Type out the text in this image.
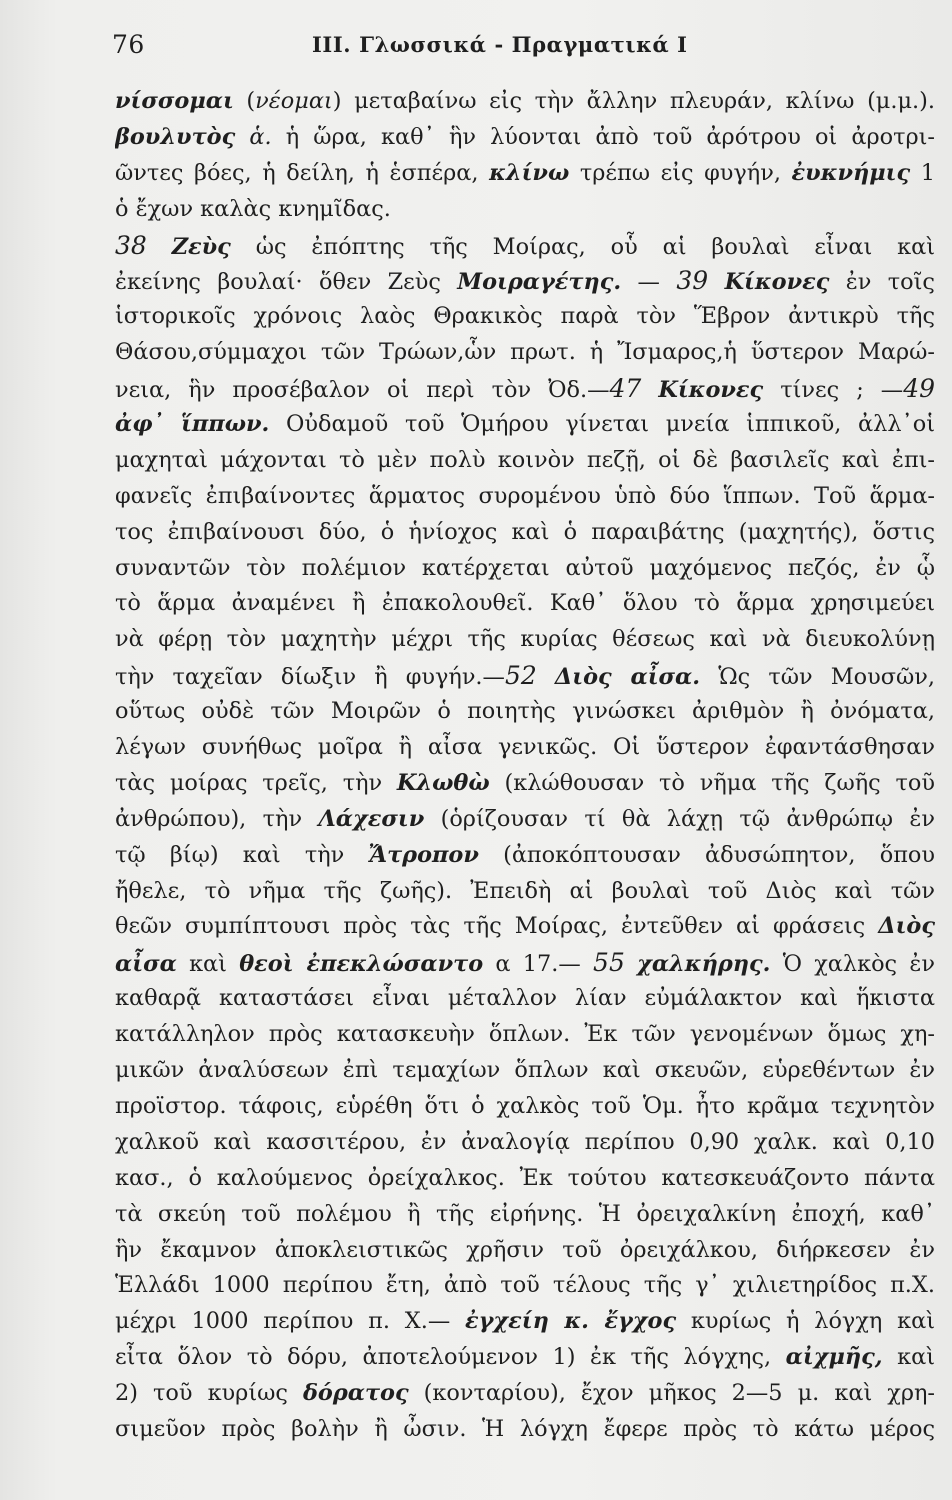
76	III. Γλωσσικά - Πραγματικά I
νίσσομαι (νέομαι) μεταβαίνω εἰς τὴν ἄλλην πλευράν, κλίνω (μ.μ.).
βουλυτὸς ἁ. ἡ ὥρα, καθ᾽ ἣν λύονται ἀπὸ τοῦ ἀρότρου οἱ ἀροτρι-
ῶντες βόες, ἡ δείλη, ἡ ἑσπέρα, κλίνω τρέπω εἰς φυγήν, ἐυκνήμις 1
ὁ ἔχων καλὰς κνημῖδας.
38 Ζεὺς ὡς ἐπόπτης τῆς Μοίρας, οὗ αἱ βουλαὶ εἶναι καὶ
ἐκείνης βουλαί· ὅθεν Ζεὺς Μοιραγέτης. — 39 Κίκονες ἐν τοῖς
ἱστορικοῖς χρόνοις λαὸς Θρακικὸς παρὰ τὸν Ἕβρον ἀντικρὺ τῆς
Θάσου,σύμμαχοι τῶν Τρώων,ὧν πρωτ. ἡ Ἴσμαρος,ἡ ὕστερον Μαρώ-
νεια, ἣν προσέβαλον οἱ περὶ τὸν Ὀδ.—47 Κίκονες τίνες ; —49
ἀφ᾽ ἵππων. Οὐδαμοῦ τοῦ Ὁμήρου γίνεται μνεία ἱππικοῦ, ἀλλ᾽οἱ
μαχηταὶ μάχονται τὸ μὲν πολὺ κοινὸν πεζῇ, οἱ δὲ βασιλεῖς καὶ ἐπι-
φανεῖς ἐπιβαίνοντες ἅρματος συρομένου ὑπὸ δύο ἵππων. Τοῦ ἅρμα-
τος ἐπιβαίνουσι δύο, ὁ ἡνίοχος καὶ ὁ παραιβάτης (μαχητής), ὅστις
συναντῶν τὸν πολέμιον κατέρχεται αὐτοῦ μαχόμενος πεζός, ἐν ᾧ
τὸ ἅρμα ἀναμένει ἢ ἐπακολουθεῖ. Καθ᾽ ὅλου τὸ ἅρμα χρησιμεύει
νὰ φέρῃ τὸν μαχητὴν μέχρι τῆς κυρίας θέσεως καὶ νὰ διευκολύνῃ
τὴν ταχεῖαν δίωξιν ἢ φυγήν.—52 Διὸς αἶσα. Ὡς τῶν Μουσῶν,
οὕτως οὐδὲ τῶν Μοιρῶν ὁ ποιητὴς γινώσκει ἀριθμὸν ἢ ὀνόματα,
λέγων συνήθως μοῖρα ἢ αἶσα γενικῶς. Οἱ ὕστερον ἐφαντάσθησαν
τὰς μοίρας τρεῖς, τὴν Κλωθὼ (κλώθουσαν τὸ νῆμα τῆς ζωῆς τοῦ
ἀνθρώπου), τὴν Λάχεσιν (ὁρίζουσαν τί θὰ λάχῃ τῷ ἀνθρώπῳ ἐν
τῷ βίῳ) καὶ τὴν Ἄτροπον (ἀποκόπτουσαν ἀδυσώπητον, ὅπου
ἤθελε, τὸ νῆμα τῆς ζωῆς). Ἐπειδὴ αἱ βουλαὶ τοῦ Διὸς καὶ τῶν
θεῶν συμπίπτουσι πρὸς τὰς τῆς Μοίρας, ἐντεῦθεν αἱ φράσεις Διὸς
αἶσα καὶ θεοὶ ἐπεκλώσαντο α 17.— 55 χαλκήρης. Ὁ χαλκὸς ἐν
καθαρᾷ καταστάσει εἶναι μέταλλον λίαν εὐμάλακτον καὶ ἥκιστα
κατάλληλον πρὸς κατασκευὴν ὅπλων. Ἐκ τῶν γενομένων ὅμως χη-
μικῶν ἀναλύσεων ἐπὶ τεμαχίων ὅπλων καὶ σκευῶν, εὑρεθέντων ἐν
προϊστορ. τάφοις, εὑρέθη ὅτι ὁ χαλκὸς τοῦ Ὁμ. ἦτο κρᾶμα τεχνητὸν
χαλκοῦ καὶ κασσιτέρου, ἐν ἀναλογίᾳ περίπου 0,90 χαλκ. καὶ 0,10
κασ., ὁ καλούμενος ὀρείχαλκος. Ἐκ τούτου κατεσκευάζοντο πάντα
τὰ σκεύη τοῦ πολέμου ἢ τῆς εἰρήνης. Ἡ ὀρειχαλκίνη ἐποχή, καθ᾽
ἣν ἔκαμνον ἀποκλειστικῶς χρῆσιν τοῦ ὀρειχάλκου, διήρκεσεν ἐν
Ἑλλάδι 1000 περίπου ἔτη, ἀπὸ τοῦ τέλους τῆς γ᾽ χιλιετηρίδος π.Χ.
μέχρι 1000 περίπου π. Χ.— ἐγχείη κ. ἔγχος κυρίως ἡ λόγχη καὶ
εἶτα ὅλον τὸ δόρυ, ἀποτελούμενον 1) ἐκ τῆς λόγχης, αἰχμῆς, καὶ
2) τοῦ κυρίως δόρατος (κονταρίου), ἔχον μῆκος 2—5 μ. καὶ χρη-
σιμεῦον πρὸς βολὴν ἢ ὦσιν. Ἡ λόγχη ἔφερε πρὸς τὸ κάτω μέρος
